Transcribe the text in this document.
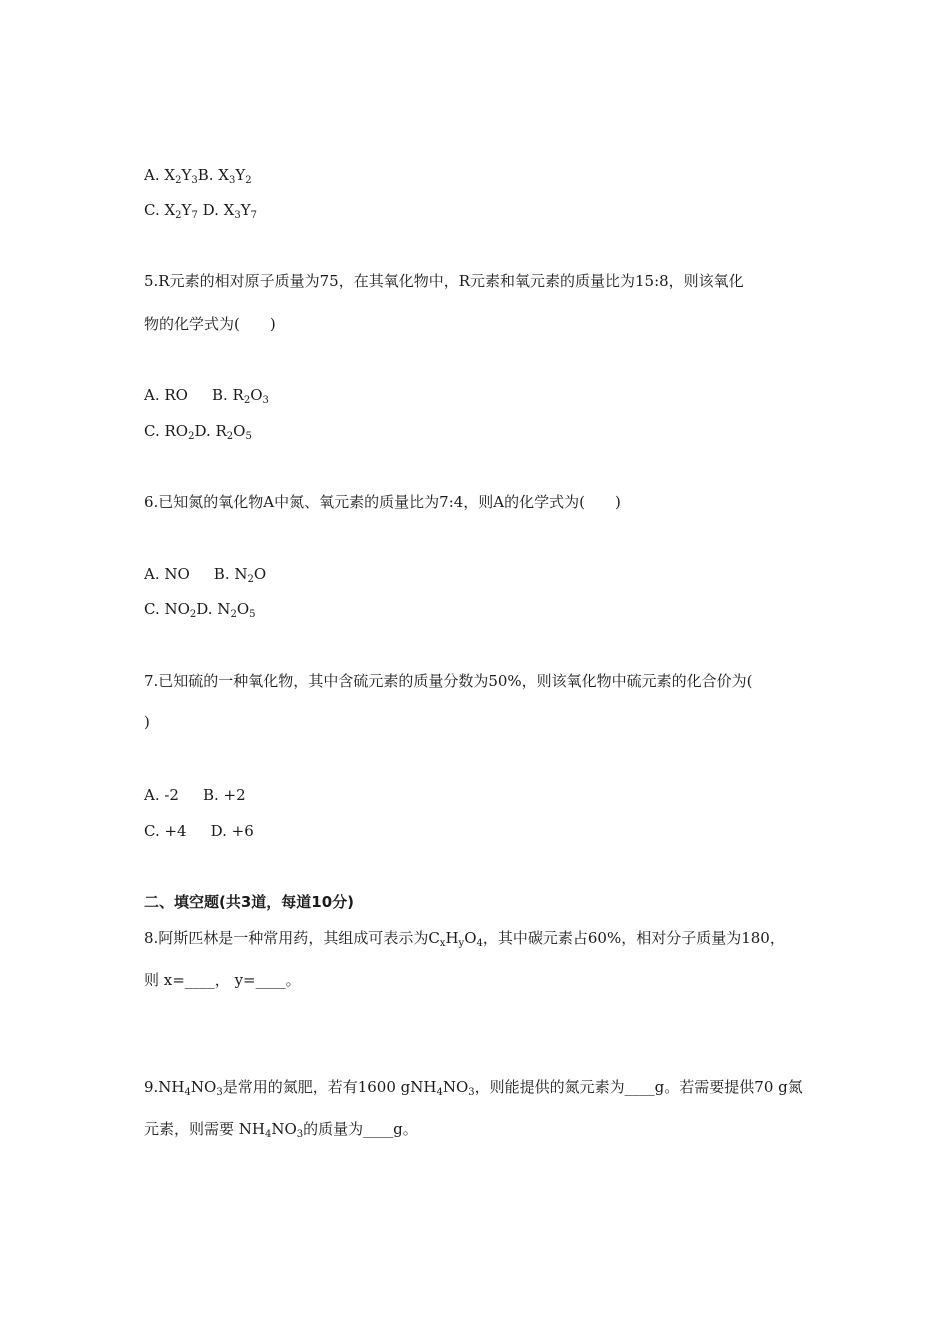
A. $X_2Y_3B$. $X_3Y_2$
C. $X_2Y_7$ D. $X_3Y_7$
5.R元素的相对原子质量为75，在其氧化物中，R元素和氧元素的质量比为15:8，则该氧化
物的化学式为(　　)
A. RO B. $R_2O_3$
C. $RO_2D$. $R_2O_5$
6.已知氮的氧化物A中氮、氧元素的质量比为7:4，则A的化学式为(　　)
A. NO B. $N_2O$
C. $NO_2D$. $N_2O_5$
7.已知硫的一种氧化物，其中含硫元素的质量分数为50%，则该氧化物中硫元素的化合价为(
)
A. -2 B. +2
C. +4 D. +6
二、填空题(共3道，每道10分)
8.阿斯匹林是一种常用药，其组成可表示为$C_xH_yO_4$，其中碳元素占60%，相对分子质量为180，
则 x=____， y=____。
$9.NH_4NO_3$是常用的氮肥，若有1600 $gNH_4NO_3$，则能提供的氮元素为____g。若需要提供70 g氮
元素，则需要 $NH_4NO_3$的质量为____g。
